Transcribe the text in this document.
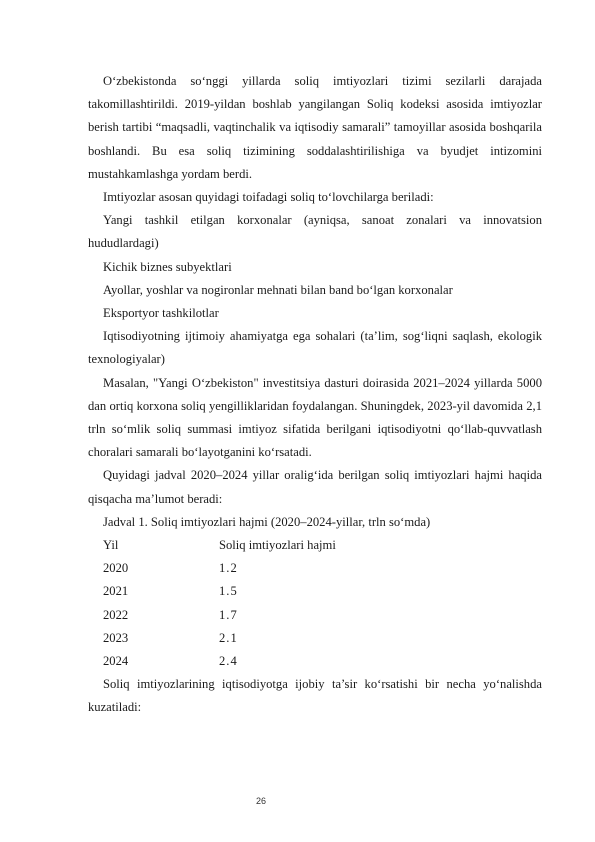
O‘zbekistonda so‘nggi yillarda soliq imtiyozlari tizimi sezilarli darajada takomillashtirildi. 2019-yildan boshlab yangilangan Soliq kodeksi asosida imtiyozlar berish tartibi “maqsadli, vaqtinchalik va iqtisodiy samarali” tamoyillar asosida boshqarila boshlandi. Bu esa soliq tizimining soddalashtirilishiga va byudjet intizomini mustahkamlashga yordam berdi.

Imtiyozlar asosan quyidagi toifadagi soliq to‘lovchilarga beriladi:

Yangi tashkil etilgan korxonalar (ayniqsa, sanoat zonalari va innovatsion hududlardagi)

Kichik biznes subyektlari

Ayollar, yoshlar va nogironlar mehnati bilan band bo‘lgan korxonalar

Eksportyor tashkilotlar

Iqtisodiyotning ijtimoiy ahamiyatga ega sohalari (ta’lim, sog‘liqni saqlash, ekologik texnologiyalar)

Masalan, "Yangi O‘zbekiston" investitsiya dasturi doirasida 2021–2024 yillarda 5000 dan ortiq korxona soliq yengilliklaridan foydalangan. Shuningdek, 2023-yil davomida 2,1 trln so‘mlik soliq summasi imtiyoz sifatida berilgani iqtisodiyotni qo‘llab-quvvatlash choralari samarali bo‘layotganini ko‘rsatadi.

Quyidagi jadval 2020–2024 yillar oralig‘ida berilgan soliq imtiyozlari hajmi haqida qisqacha ma’lumot beradi:

Jadval 1. Soliq imtiyozlari hajmi (2020–2024-yillar, trln so‘mda)

Yil	Soliq imtiyozlari hajmi
2020	1.2
2021	1.5
2022	1.7
2023	2.1
2024	2.4

Soliq imtiyozlarining iqtisodiyotga ijobiy ta’sir ko‘rsatishi bir necha yo‘nalishda kuzatiladi:

26
